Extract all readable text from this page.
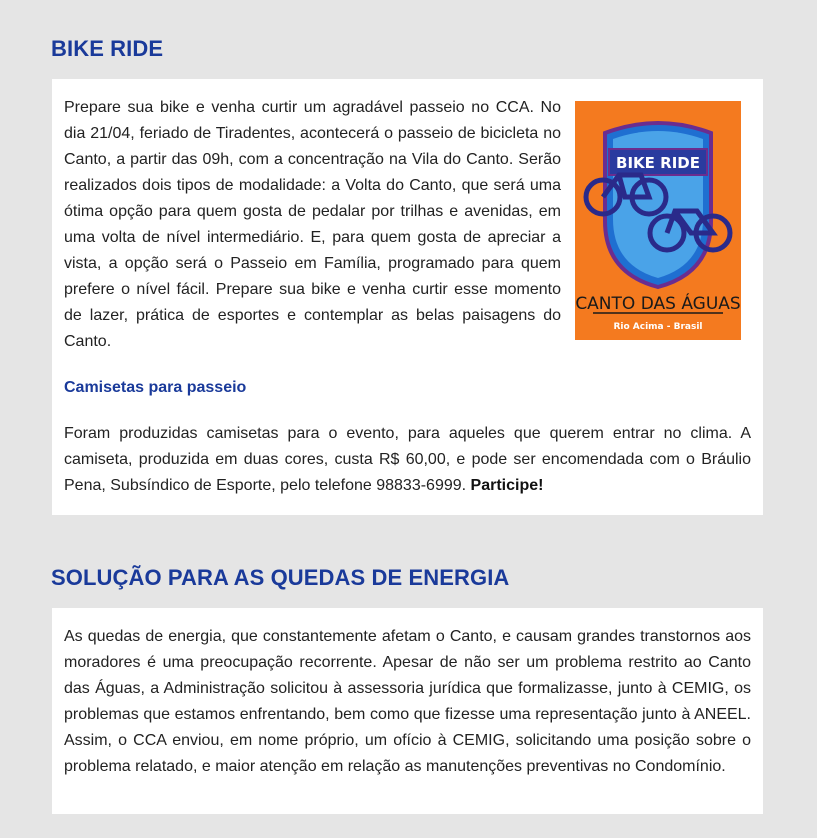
BIKE RIDE
BIKE RIDE
CANTO DAS ÁGUAS
Rio Acima - Brasil

Prepare sua bike e venha curtir um agradável passeio no CCA. No dia 21/04, feriado de Tiradentes, acontecerá o passeio de bicicleta no Canto, a partir das 09h, com a concentração na Vila do Canto. Serão realizados dois tipos de modalidade: a Volta do Canto, que será uma ótima opção para quem gosta de pedalar por trilhas e avenidas, em uma volta de nível intermediário. E, para quem gosta de apreciar a vista, a opção será o Passeio em Família, programado para quem prefere o nível fácil. Prepare sua bike e venha curtir esse momento de lazer, prática de esportes e contemplar as belas paisagens do Canto.

Camisetas para passeio

Foram produzidas camisetas para o evento, para aqueles que querem entrar no clima. A camiseta, produzida em duas cores, custa R$ 60,00, e pode ser encomendada com o Bráulio Pena, Subsíndico de Esporte, pelo telefone 98833-6999. Participe!

SOLUÇÃO PARA AS QUEDAS DE ENERGIA

As quedas de energia, que constantemente afetam o Canto, e causam grandes transtornos aos moradores é uma preocupação recorrente. Apesar de não ser um problema restrito ao Canto das Águas, a Administração solicitou à assessoria jurídica que formalizasse, junto à CEMIG, os problemas que estamos enfrentando, bem como que fizesse uma representação junto à ANEEL. Assim, o CCA enviou, em nome próprio, um ofício à CEMIG, solicitando uma posição sobre o problema relatado, e maior atenção em relação as manutenções preventivas no Condomínio.
